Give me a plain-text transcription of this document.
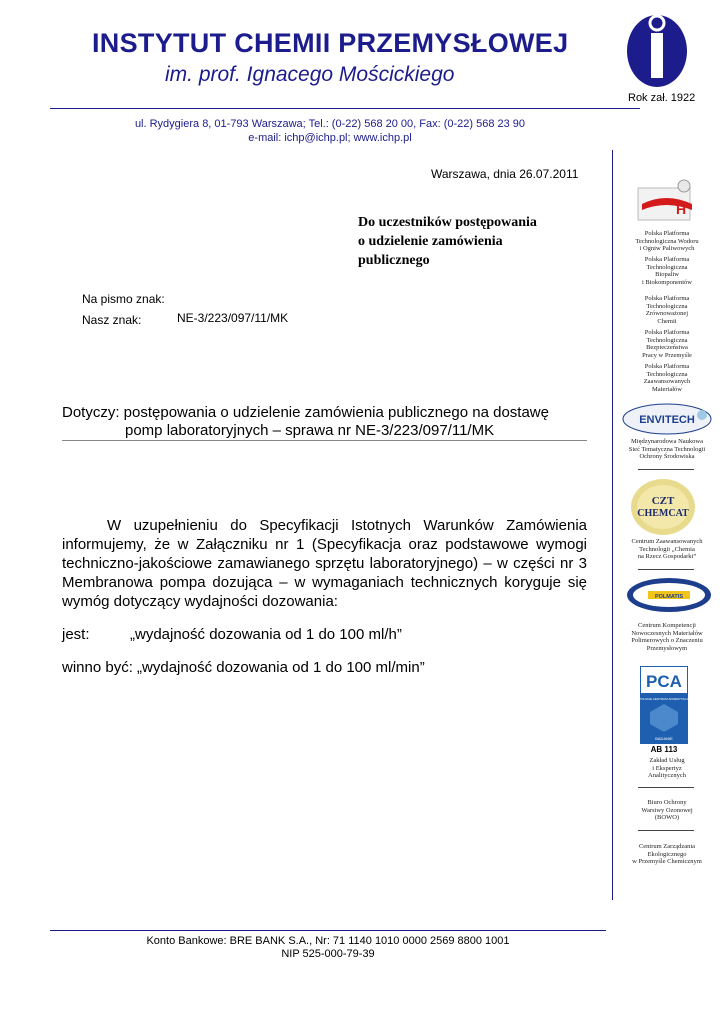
INSTYTUT CHEMII PRZEMYSŁOWEJ
im. prof. Ignacego Mościckiego
Rok zał. 1922
ul. Rydygiera 8, 01-793 Warszawa; Tel.: (0-22) 568 20 00, Fax: (0-22) 568 23 90
e-mail: ichp@ichp.pl; www.ichp.pl
Warszawa, dnia 26.07.2011
Do uczestników postępowania
o udzielenie zamówienia
publicznego
Na pismo znak:
Nasz znak:	NE-3/223/097/11/MK
Dotyczy: postępowania o udzielenie zamówienia publicznego na dostawę
pomp laboratoryjnych – sprawa nr NE-3/223/097/11/MK
W uzupełnieniu do Specyfikacji Istotnych Warunków Zamówienia informujemy, że w Załączniku nr 1 (Specyfikacja oraz podstawowe wymogi techniczno-jakościowe zamawianego sprzętu laboratoryjnego) – w części nr 3 Membranowa pompa dozująca – w wymaganiach technicznych koryguje się wymóg dotyczący wydajności dozowania:
jest:	„wydajność dozowania od 1 do 100 ml/h”
winno być: „wydajność dozowania od 1 do 100 ml/min”
Konto Bankowe: BRE BANK S.A., Nr: 71 1140 1010 0000 2569 8800 1001
NIP 525-000-79-39
H
Polska Platforma
Technologiczna Wodoru
i Ogniw Paliwowych
Polska Platforma
Technologiczna
Biopaliw
i Biokomponentów
Polska Platforma
Technologiczna
Zrównoważonej
Chemii
Polska Platforma
Technologiczna
Bezpieczeństwa
Pracy w Przemyśle
Polska Platforma
Technologiczna
Zaawansowanych
Materiałów
ENVITECH
Międzynarodowa Naukowa
Sieć Tematyczna Technologii
Ochrony Środowiska
CZT
CHEMCAT
Centrum Zaawansowanych
Technologii „Chemia
na Rzecz Gospodarki”
POLMATIS
Centrum Kompetencji
Nowoczesnych Materiałów
Polimerowych o Znaczeniu
Przemysłowym
PCA
POLSKIE CENTRUM AKREDYTACJI
BADANIE
AB 113
Zakład Usług
i Ekspertyz
Analitycznych
Biuro Ochrony
Warstwy Ozonowej
(BOWO)
Centrum Zarządzania
Ekologicznego
w Przemyśle Chemicznym
